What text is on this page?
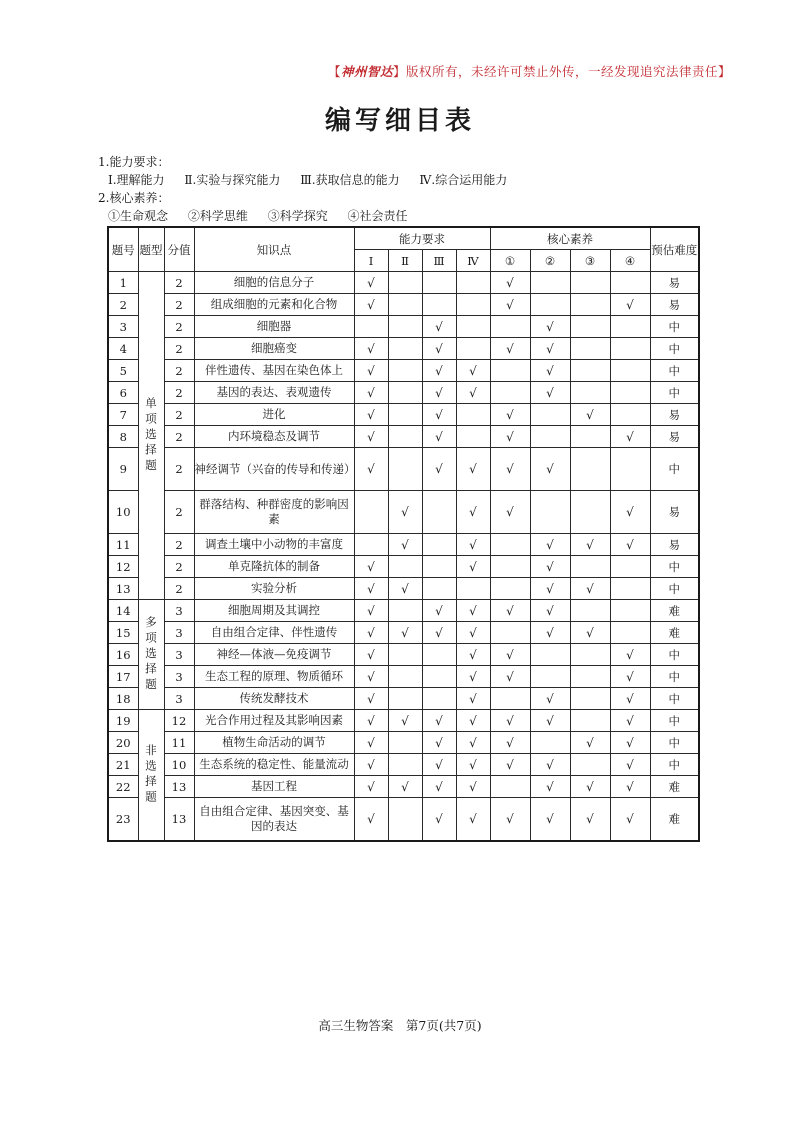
【神州智达】版权所有，未经许可禁止外传，一经发现追究法律责任】
编写细目表
1.能力要求：
Ⅰ.理解能力 Ⅱ.实验与探究能力 Ⅲ.获取信息的能力 Ⅳ.综合运用能力
2.核心素养：
①生命观念 ②科学思维 ③科学探究 ④社会责任
题号	题型	分值	知识点	能力要求				核心素养				预估难度
				Ⅰ	Ⅱ	Ⅲ	Ⅳ	①	②	③	④	
1	单项选择题	2	细胞的信息分子	√				√				易
2		2	组成细胞的元素和化合物	√				√			√	易
3		2	细胞器			√			√			中
4		2	细胞癌变	√		√		√	√			中
5		2	伴性遗传、基因在染色体上	√		√	√		√			中
6		2	基因的表达、表观遗传	√		√	√		√			中
7		2	进化	√		√		√		√		易
8		2	内环境稳态及调节	√		√		√			√	易
9		2	神经调节（兴奋的传导和传递）	√		√	√	√	√			中
10		2	群落结构、种群密度的影响因素		√		√	√			√	易
11		2	调查土壤中小动物的丰富度		√		√		√	√	√	易
12		2	单克隆抗体的制备	√			√		√			中
13		2	实验分析	√	√				√	√		中
14	多项选择题	3	细胞周期及其调控	√		√	√	√	√			难
15		3	自由组合定律、伴性遗传	√	√	√	√		√	√		难
16		3	神经—体液—免疫调节	√			√	√			√	中
17		3	生态工程的原理、物质循环	√			√	√			√	中
18		3	传统发酵技术	√			√		√		√	中
19	非选择题	12	光合作用过程及其影响因素	√	√	√	√	√	√		√	中
20		11	植物生命活动的调节	√		√	√	√		√	√	中
21		10	生态系统的稳定性、能量流动	√		√	√	√	√		√	中
22		13	基因工程	√	√	√	√		√	√	√	难
23		13	自由组合定律、基因突变、基因的表达	√		√	√	√	√	√	√	难
高三生物答案　第7页(共7页)
